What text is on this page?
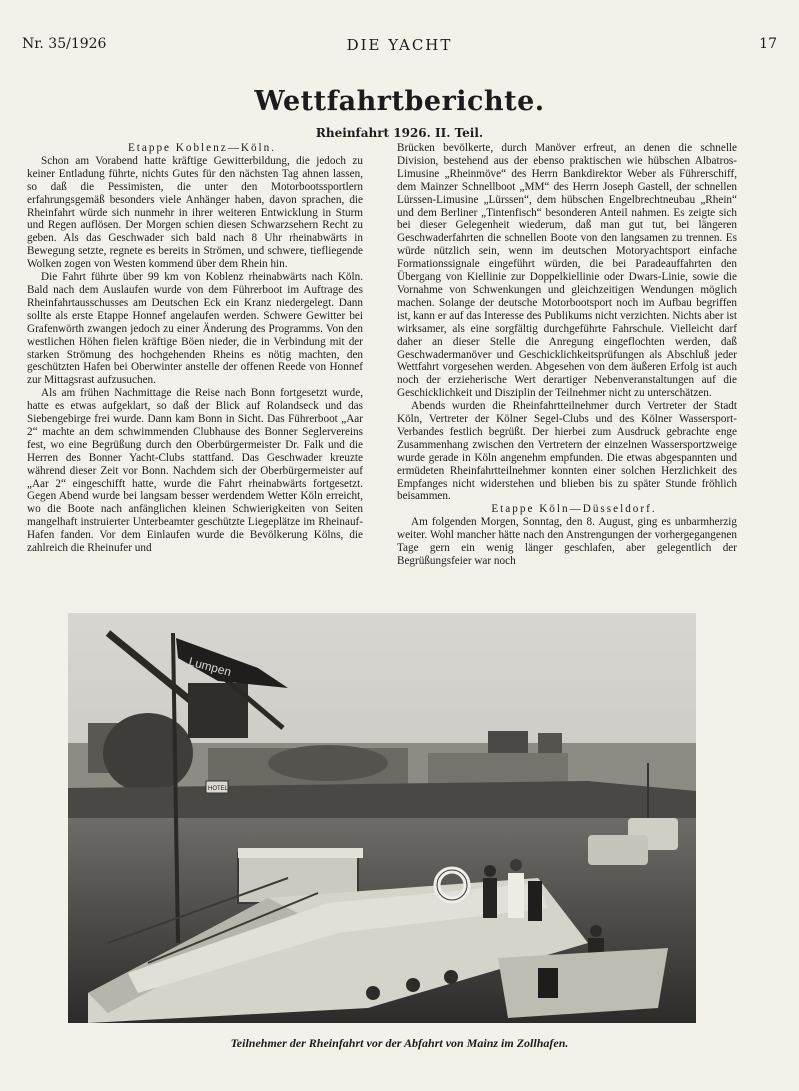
Nr. 35/1926	DIE YACHT	17
Wettfahrtberichte.
Rheinfahrt 1926. II. Teil.

Etappe Koblenz—Köln.

Schon am Vorabend hatte kräftige Gewitterbildung, die jedoch zu keiner Entladung führte, nichts Gutes für den nächsten Tag ahnen lassen, so daß die Pessimisten, die unter den Motorbootssportlern erfahrungsgemäß besonders viele Anhänger haben, davon sprachen, die Rheinfahrt würde sich nunmehr in ihrer weiteren Entwicklung in Sturm und Regen auflösen. Der Morgen schien diesen Schwarzsehern Recht zu geben. Als das Geschwader sich bald nach 8 Uhr rheinabwärts in Bewegung setzte, regnete es bereits in Strömen, und schwere, tiefliegende Wolken zogen von Westen kommend über dem Rhein hin.

Die Fahrt führte über 99 km von Koblenz rheinabwärts nach Köln. Bald nach dem Auslaufen wurde von dem Führerboot im Auftrage des Rheinfahrtausschusses am Deutschen Eck ein Kranz niedergelegt. Dann sollte als erste Etappe Honnef angelaufen werden. Schwere Gewitter bei Grafenwörth zwangen jedoch zu einer Änderung des Programms. Von den westlichen Höhen fielen kräftige Böen nieder, die in Verbindung mit der starken Strömung des hochgehenden Rheins es nötig machten, den geschützten Hafen bei Oberwinter anstelle der offenen Reede von Honnef zur Mittagsrast aufzusuchen.

Als am frühen Nachmittage die Reise nach Bonn fortgesetzt wurde, hatte es etwas aufgeklart, so daß der Blick auf Rolandseck und das Siebengebirge frei wurde. Dann kam Bonn in Sicht. Das Führerboot „Aar 2“ machte an dem schwimmenden Clubhause des Bonner Seglervereins fest, wo eine Begrüßung durch den Oberbürgermeister Dr. Falk und die Herren des Bonner Yacht-Clubs stattfand. Das Geschwader kreuzte während dieser Zeit vor Bonn. Nachdem sich der Oberbürgermeister auf „Aar 2“ eingeschifft hatte, wurde die Fahrt rheinabwärts fortgesetzt. Gegen Abend wurde bei langsam besser werdendem Wetter Köln erreicht, wo die Boote nach anfänglichen kleinen Schwierigkeiten von Seiten mangelhaft instruierter Unterbeamter geschützte Liegeplätze im Rheinauf-Hafen fanden. Vor dem Einlaufen wurde die Bevölkerung Kölns, die zahlreich die Rheinufer und

Brücken bevölkerte, durch Manöver erfreut, an denen die schnelle Division, bestehend aus der ebenso praktischen wie hübschen Albatros-Limusine „Rheinmöve“ des Herrn Bankdirektor Weber als Führerschiff, dem Mainzer Schnellboot „MM“ des Herrn Joseph Gastell, der schnellen Lürssen-Limusine „Lürssen“, dem hübschen Engelbrechtneubau „Rhein“ und dem Berliner „Tintenfisch“ besonderen Anteil nahmen. Es zeigte sich bei dieser Gelegenheit wiederum, daß man gut tut, bei längeren Geschwaderfahrten die schnellen Boote von den langsamen zu trennen. Es würde nützlich sein, wenn im deutschen Motoryachtsport einfache Formationssignale eingeführt würden, die bei Paradeauffahrten den Übergang von Kiellinie zur Doppelkiellinie oder Dwars-Linie, sowie die Vornahme von Schwenkungen und gleichzeitigen Wendungen möglich machen. Solange der deutsche Motorbootsport noch im Aufbau begriffen ist, kann er auf das Interesse des Publikums nicht verzichten. Nichts aber ist wirksamer, als eine sorgfältig durchgeführte Fahrschule. Vielleicht darf daher an dieser Stelle die Anregung eingeflochten werden, daß Geschwadermanöver und Geschicklichkeitsprüfungen als Abschluß jeder Wettfahrt vorgesehen werden. Abgesehen von dem äußeren Erfolg ist auch noch der erzieherische Wert derartiger Nebenveranstaltungen auf die Geschicklichkeit und Disziplin der Teilnehmer nicht zu unterschätzen.

Abends wurden die Rheinfahrtteilnehmer durch Vertreter der Stadt Köln, Vertreter der Kölner Segel-Clubs und des Kölner Wassersport-Verbandes festlich begrüßt. Der hierbei zum Ausdruck gebrachte enge Zusammenhang zwischen den Vertretern der einzelnen Wassersportzweige wurde gerade in Köln angenehm empfunden. Die etwas abgespannten und ermüdeten Rheinfahrtteilnehmer konnten einer solchen Herzlichkeit des Empfanges nicht widerstehen und blieben bis zu später Stunde fröhlich beisammen.

Etappe Köln—Düsseldorf.

Am folgenden Morgen, Sonntag, den 8. August, ging es unbarmherzig weiter. Wohl mancher hätte nach den Anstrengungen der vorhergegangenen Tage gern ein wenig länger geschlafen, aber gelegentlich der Begrüßungsfeier war noch

Lumpen
HOTEL
Teilnehmer der Rheinfahrt vor der Abfahrt von Mainz im Zollhafen.
